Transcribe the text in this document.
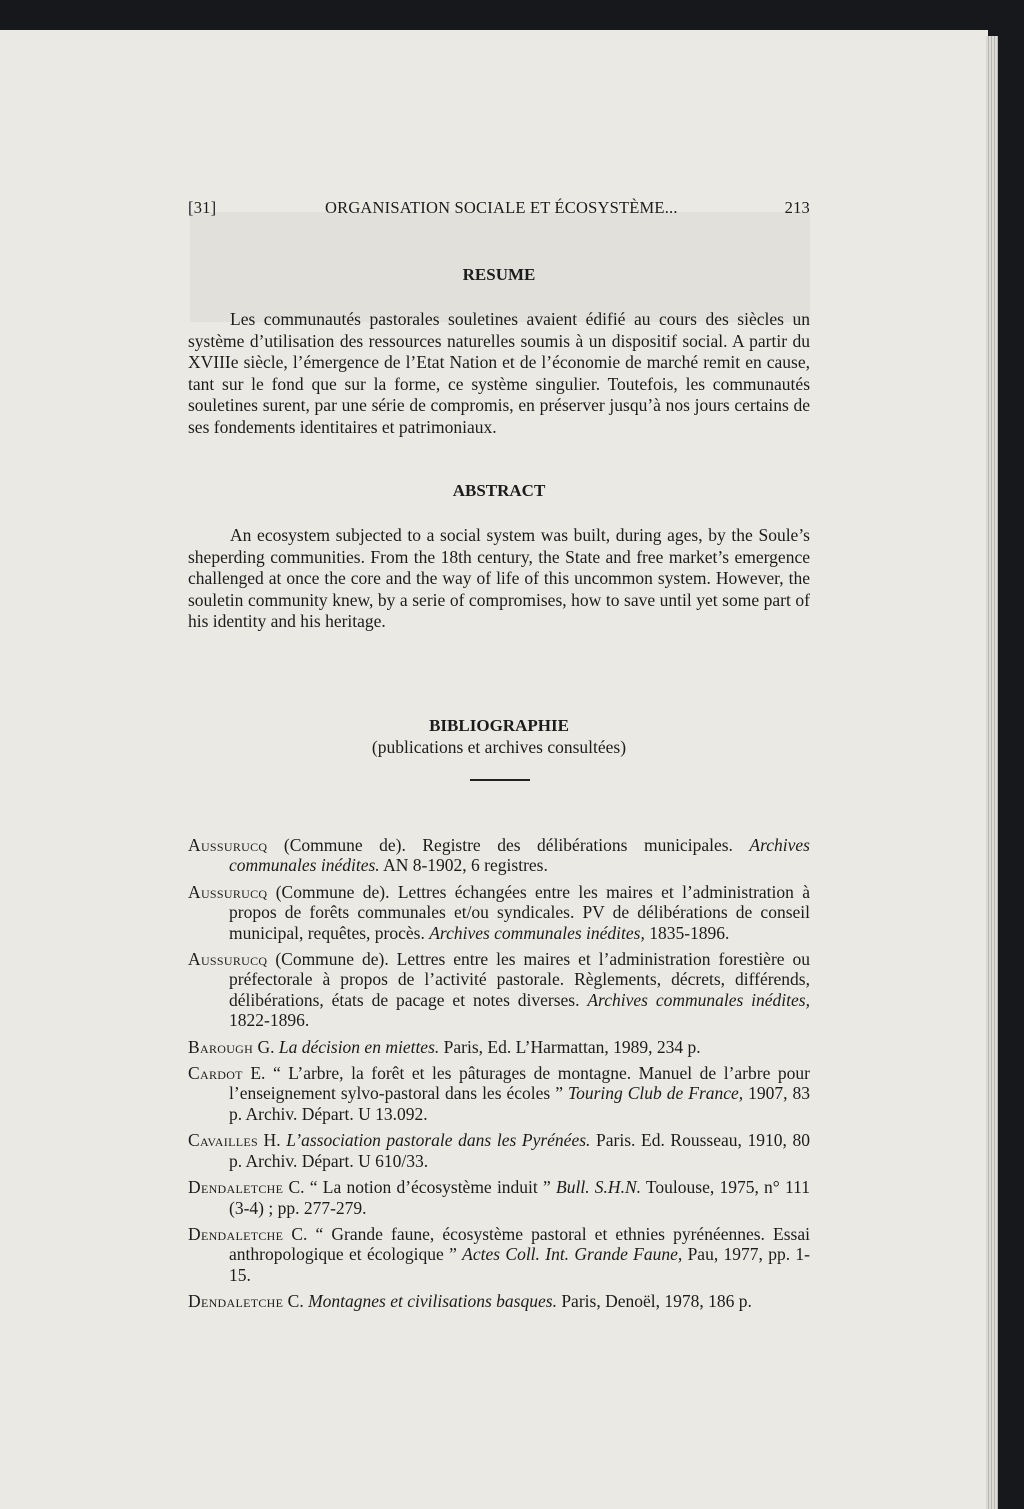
[31]	ORGANISATION SOCIALE ET ÉCOSYSTÈME...	213
RESUME

Les communautés pastorales souletines avaient édifié au cours des siècles un système d’utilisation des ressources naturelles soumis à un dispositif social. A partir du XVIIIe siècle, l’émergence de l’Etat Nation et de l’économie de marché remit en cause, tant sur le fond que sur la forme, ce système singulier. Toutefois, les communautés souletines surent, par une série de compromis, en préserver jusqu’à nos jours certains de ses fondements identitaires et patrimoniaux.

ABSTRACT

An ecosystem subjected to a social system was built, during ages, by the Soule’s sheperding communities. From the 18th century, the State and free market’s emergence challenged at once the core and the way of life of this uncommon system. However, the souletin community knew, by a serie of compromises, how to save until yet some part of his identity and his heritage.

BIBLIOGRAPHIE
(publications et archives consultées)

Aussurucq (Commune de). Registre des délibérations municipales. Archives communales inédites. AN 8-1902, 6 registres.

Aussurucq (Commune de). Lettres échangées entre les maires et l’administration à propos de forêts communales et/ou syndicales. PV de délibérations de conseil municipal, requêtes, procès. Archives communales inédites, 1835-1896.

Aussurucq (Commune de). Lettres entre les maires et l’administration forestière ou préfectorale à propos de l’activité pastorale. Règlements, décrets, différends, délibérations, états de pacage et notes diverses. Archives communales inédites, 1822-1896.

Barough G. La décision en miettes. Paris, Ed. L’Harmattan, 1989, 234 p.

Cardot E. “ L’arbre, la forêt et les pâturages de montagne. Manuel de l’arbre pour l’enseignement sylvo-pastoral dans les écoles ” Touring Club de France, 1907, 83 p. Archiv. Départ. U 13.092.

Cavailles H. L’association pastorale dans les Pyrénées. Paris. Ed. Rousseau, 1910, 80 p. Archiv. Départ. U 610/33.

Dendaletche C. “ La notion d’écosystème induit ” Bull. S.H.N. Toulouse, 1975, n° 111 (3-4) ; pp. 277-279.

Dendaletche C. “ Grande faune, écosystème pastoral et ethnies pyrénéennes. Essai anthropologique et écologique ” Actes Coll. Int. Grande Faune, Pau, 1977, pp. 1-15.

Dendaletche C. Montagnes et civilisations basques. Paris, Denoël, 1978, 186 p.
